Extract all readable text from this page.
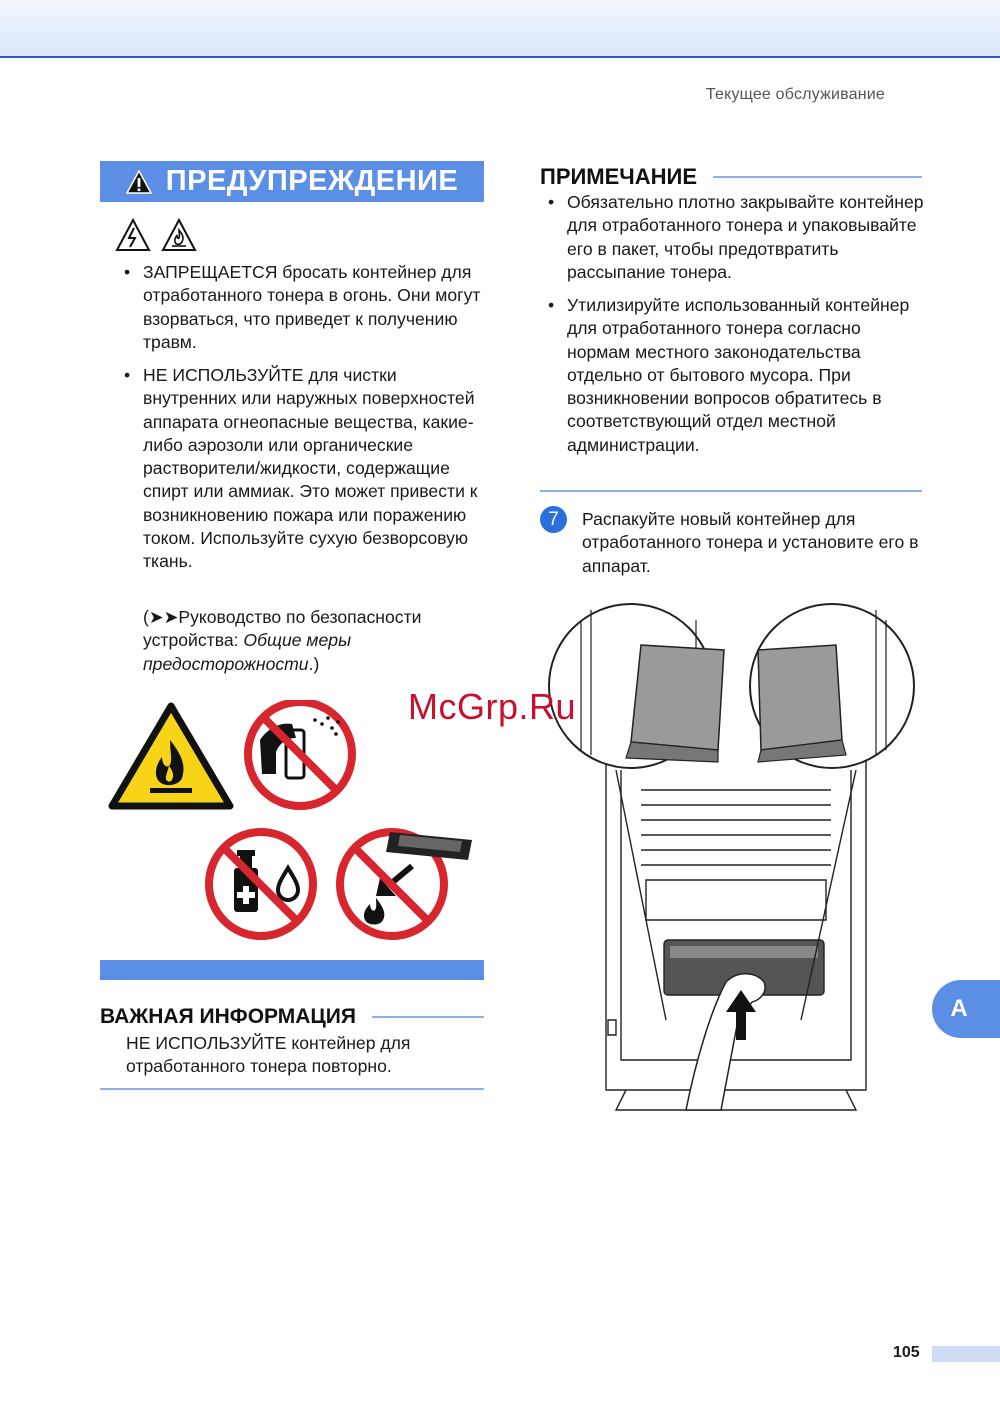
Текущее обслуживание
ПРЕДУПРЕЖДЕНИЕ
• ЗАПРЕЩАЕТСЯ бросать контейнер для отработанного тонера в огонь. Они могут взорваться, что приведет к получению травм.
• НЕ ИСПОЛЬЗУЙТЕ для чистки внутренних или наружных поверхностей аппарата огнеопасные вещества, какие-либо аэрозоли или органические растворители/жидкости, содержащие спирт или аммиак. Это может привести к возникновению пожара или поражению током. Используйте сухую безворсовую ткань.
(➤➤Руководство по безопасности устройства: Общие меры предосторожности.)
ВАЖНАЯ ИНФОРМАЦИЯ
НЕ ИСПОЛЬЗУЙТЕ контейнер для отработанного тонера повторно.
ПРИМЕЧАНИЕ
• Обязательно плотно закрывайте контейнер для отработанного тонера и упаковывайте его в пакет, чтобы предотвратить рассыпание тонера.
• Утилизируйте использованный контейнер для отработанного тонера согласно нормам местного законодательства отдельно от бытового мусора. При возникновении вопросов обратитесь в соответствующий отдел местной администрации.
7	Распакуйте новый контейнер для отработанного тонера и установите его в аппарат.
McGrp.Ru
A
105
